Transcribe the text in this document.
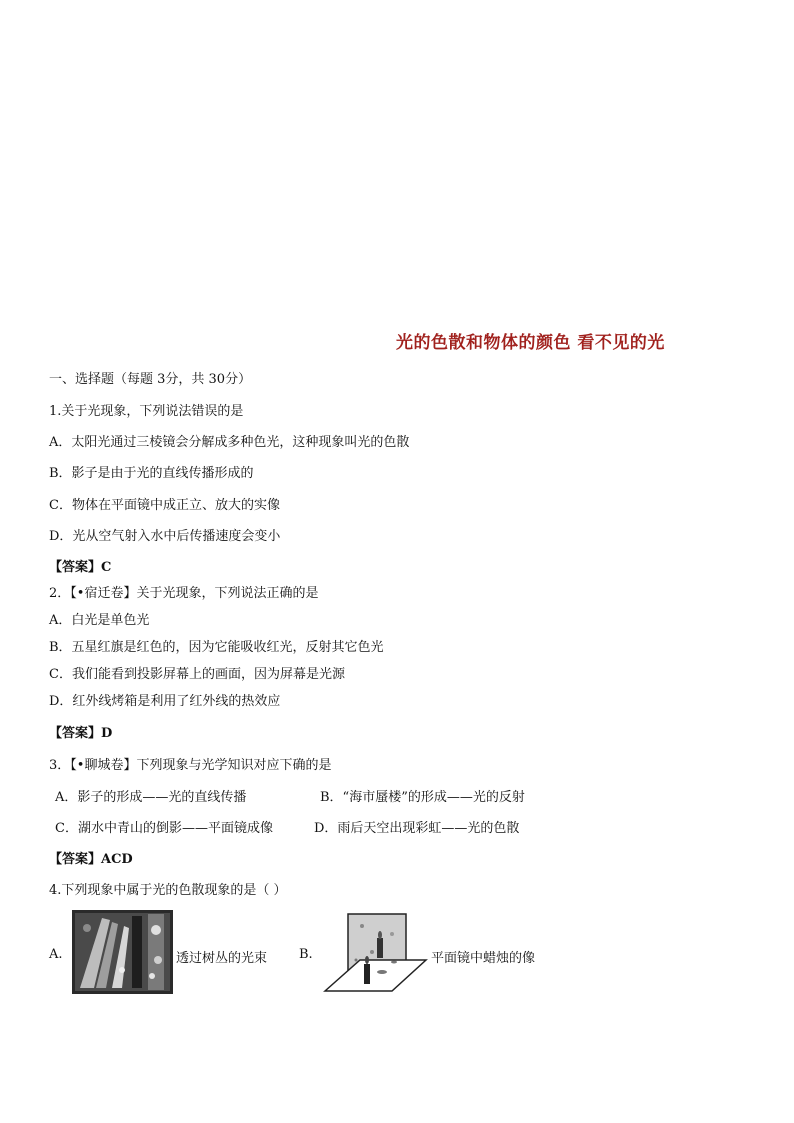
光的色散和物体的颜色 看不见的光
一、选择题（每题 3分，共 30分）
1.关于光现象，下列说法错误的是
A．太阳光通过三棱镜会分解成多种色光，这种现象叫光的色散
B．影子是由于光的直线传播形成的
C．物体在平面镜中成正立、放大的实像
D．光从空气射入水中后传播速度会变小
【答案】C
2．【•宿迁卷】关于光现象，下列说法正确的是
A．白光是单色光
B．五星红旗是红色的，因为它能吸收红光，反射其它色光
C．我们能看到投影屏幕上的画面，因为屏幕是光源
D．红外线烤箱是利用了红外线的热效应
【答案】D
3．【•聊城卷】下列现象与光学知识对应下确的是
A．影子的形成——光的直线传播	B．“海市蜃楼”的形成——光的反射
C．湖水中青山的倒影——平面镜成像	D．雨后天空出现彩虹——光的色散
【答案】ACD
4.下列现象中属于光的色散现象的是（ ）
A.	透过树丛的光束 B.	平面镜中蜡烛的像
